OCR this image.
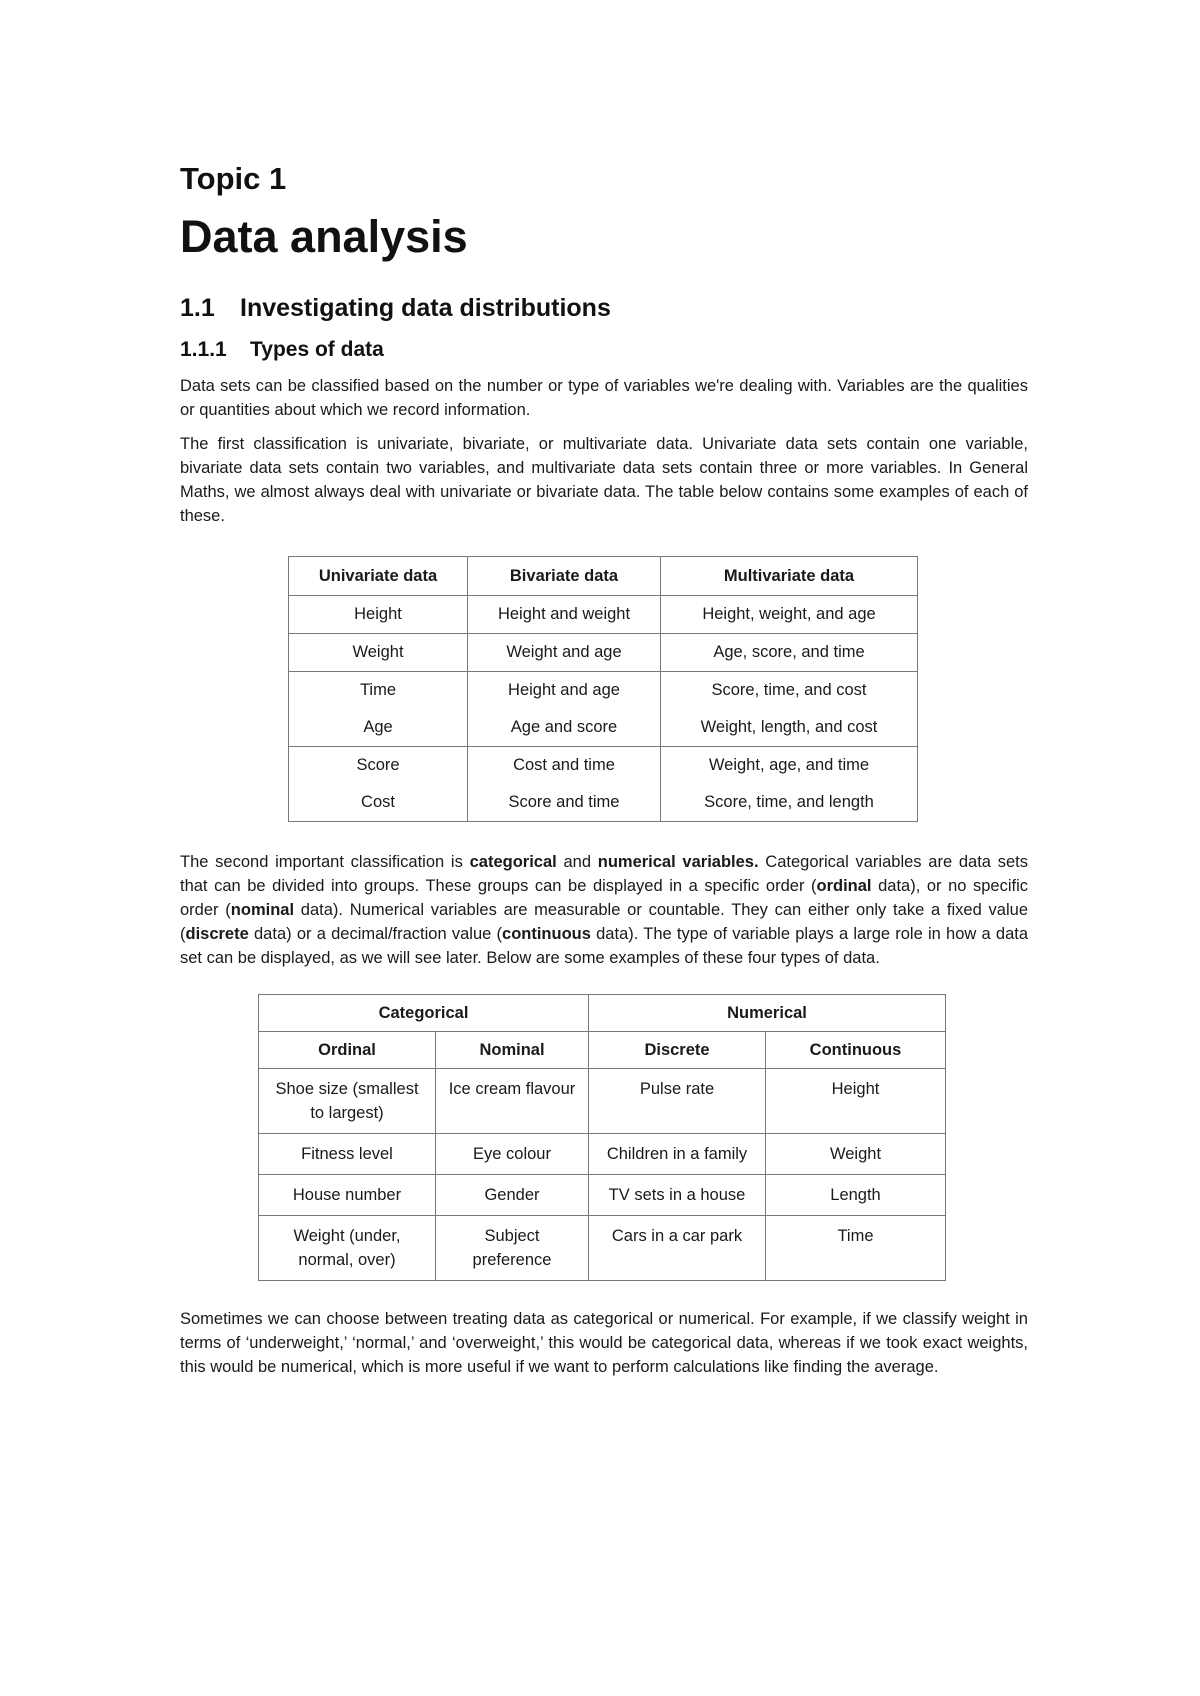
Topic 1
Data analysis
1.1 Investigating data distributions
1.1.1 Types of data

Data sets can be classified based on the number or type of variables we're dealing with. Variables are the qualities or quantities about which we record information.

The first classification is univariate, bivariate, or multivariate data. Univariate data sets contain one variable, bivariate data sets contain two variables, and multivariate data sets contain three or more variables. In General Maths, we almost always deal with univariate or bivariate data. The table below contains some examples of each of these.

Univariate data	Bivariate data	Multivariate data
Height	Height and weight	Height, weight, and age
Weight	Weight and age	Age, score, and time
Time	Height and age	Score, time, and cost
Age	Age and score	Weight, length, and cost
Score	Cost and time	Weight, age, and time
Cost	Score and time	Score, time, and length

The second important classification is categorical and numerical variables. Categorical variables are data sets that can be divided into groups. These groups can be displayed in a specific order (ordinal data), or no specific order (nominal data). Numerical variables are measurable or countable. They can either only take a fixed value (discrete data) or a decimal/fraction value (continuous data). The type of variable plays a large role in how a data set can be displayed, as we will see later. Below are some examples of these four types of data.

Categorical		Numerical	
Ordinal	Nominal	Discrete	Continuous
Shoe size (smallest to largest)	Ice cream flavour	Pulse rate	Height
Fitness level	Eye colour	Children in a family	Weight
House number	Gender	TV sets in a house	Length
Weight (under, normal, over)	Subject preference	Cars in a car park	Time

Sometimes we can choose between treating data as categorical or numerical. For example, if we classify weight in terms of ‘underweight,’ ‘normal,’ and ‘overweight,’ this would be categorical data, whereas if we took exact weights, this would be numerical, which is more useful if we want to perform calculations like finding the average.
